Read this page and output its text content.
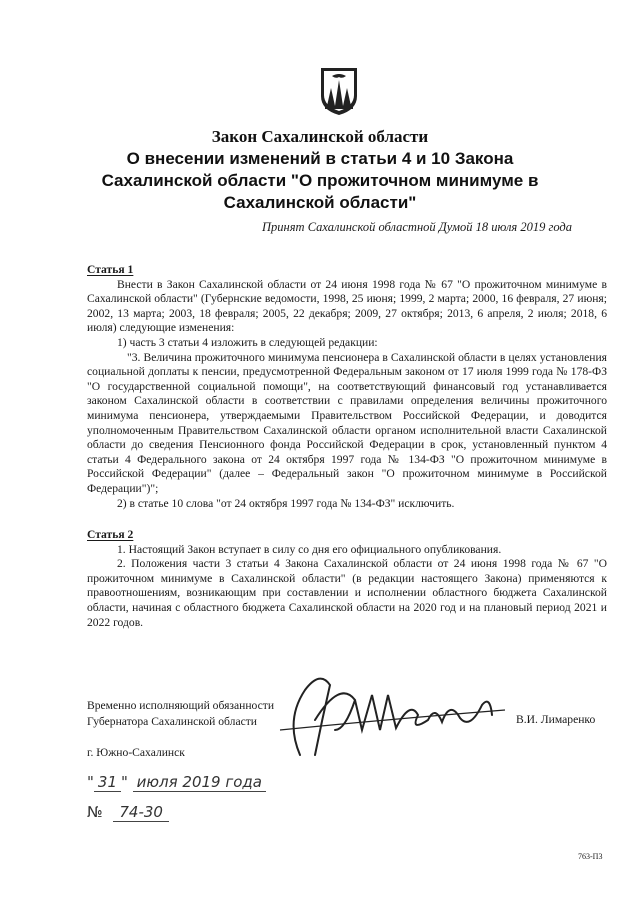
Закон Сахалинской области
О внесении изменений в статьи 4 и 10 Закона
Сахалинской области "О прожиточном минимуме в
Сахалинской области"
Принят Сахалинской областной Думой 18 июля 2019 года
Статья 1

Внести в Закон Сахалинской области от 24 июня 1998 года № 67 "О прожиточном минимуме в Сахалинской области" (Губернские ведомости, 1998, 25 июня; 1999, 2 марта; 2000, 16 февраля, 27 июня; 2002, 13 марта; 2003, 18 февраля; 2005, 22 декабря; 2009, 27 октября; 2013, 6 апреля, 2 июля; 2018, 6 июля) следующие изменения:

1) часть 3 статьи 4 изложить в следующей редакции:

"3. Величина прожиточного минимума пенсионера в Сахалинской области в целях установления социальной доплаты к пенсии, предусмотренной Федеральным законом от 17 июля 1999 года № 178-ФЗ "О государственной социальной помощи", на соответствующий финансовый год устанавливается законом Сахалинской области в соответствии с правилами определения величины прожиточного минимума пенсионера, утверждаемыми Правительством Российской Федерации, и доводится уполномоченным Правительством Сахалинской области органом исполнительной власти Сахалинской области до сведения Пенсионного фонда Российской Федерации в срок, установленный пунктом 4 статьи 4 Федерального закона от 24 октября 1997 года № 134-ФЗ "О прожиточном минимуме в Российской Федерации" (далее – Федеральный закон "О прожиточном минимуме в Российской Федерации")";

2) в статье 10 слова "от 24 октября 1997 года № 134-ФЗ" исключить.

Статья 2

1. Настоящий Закон вступает в силу со дня его официального опубликования.

2. Положения части 3 статьи 4 Закона Сахалинской области от 24 июня 1998 года № 67 "О прожиточном минимуме в Сахалинской области" (в редакции настоящего Закона) применяются к правоотношениям, возникающим при составлении и исполнении областного бюджета Сахалинской области, начиная с областного бюджета Сахалинской области на 2020 год и на плановый период 2021 и 2022 годов.

Временно исполняющий обязанности
Губернатора Сахалинской области	В.И. Лимаренко
г. Южно-Сахалинск
" 31 " июля 2019 года
№ 74-30
763-П3
